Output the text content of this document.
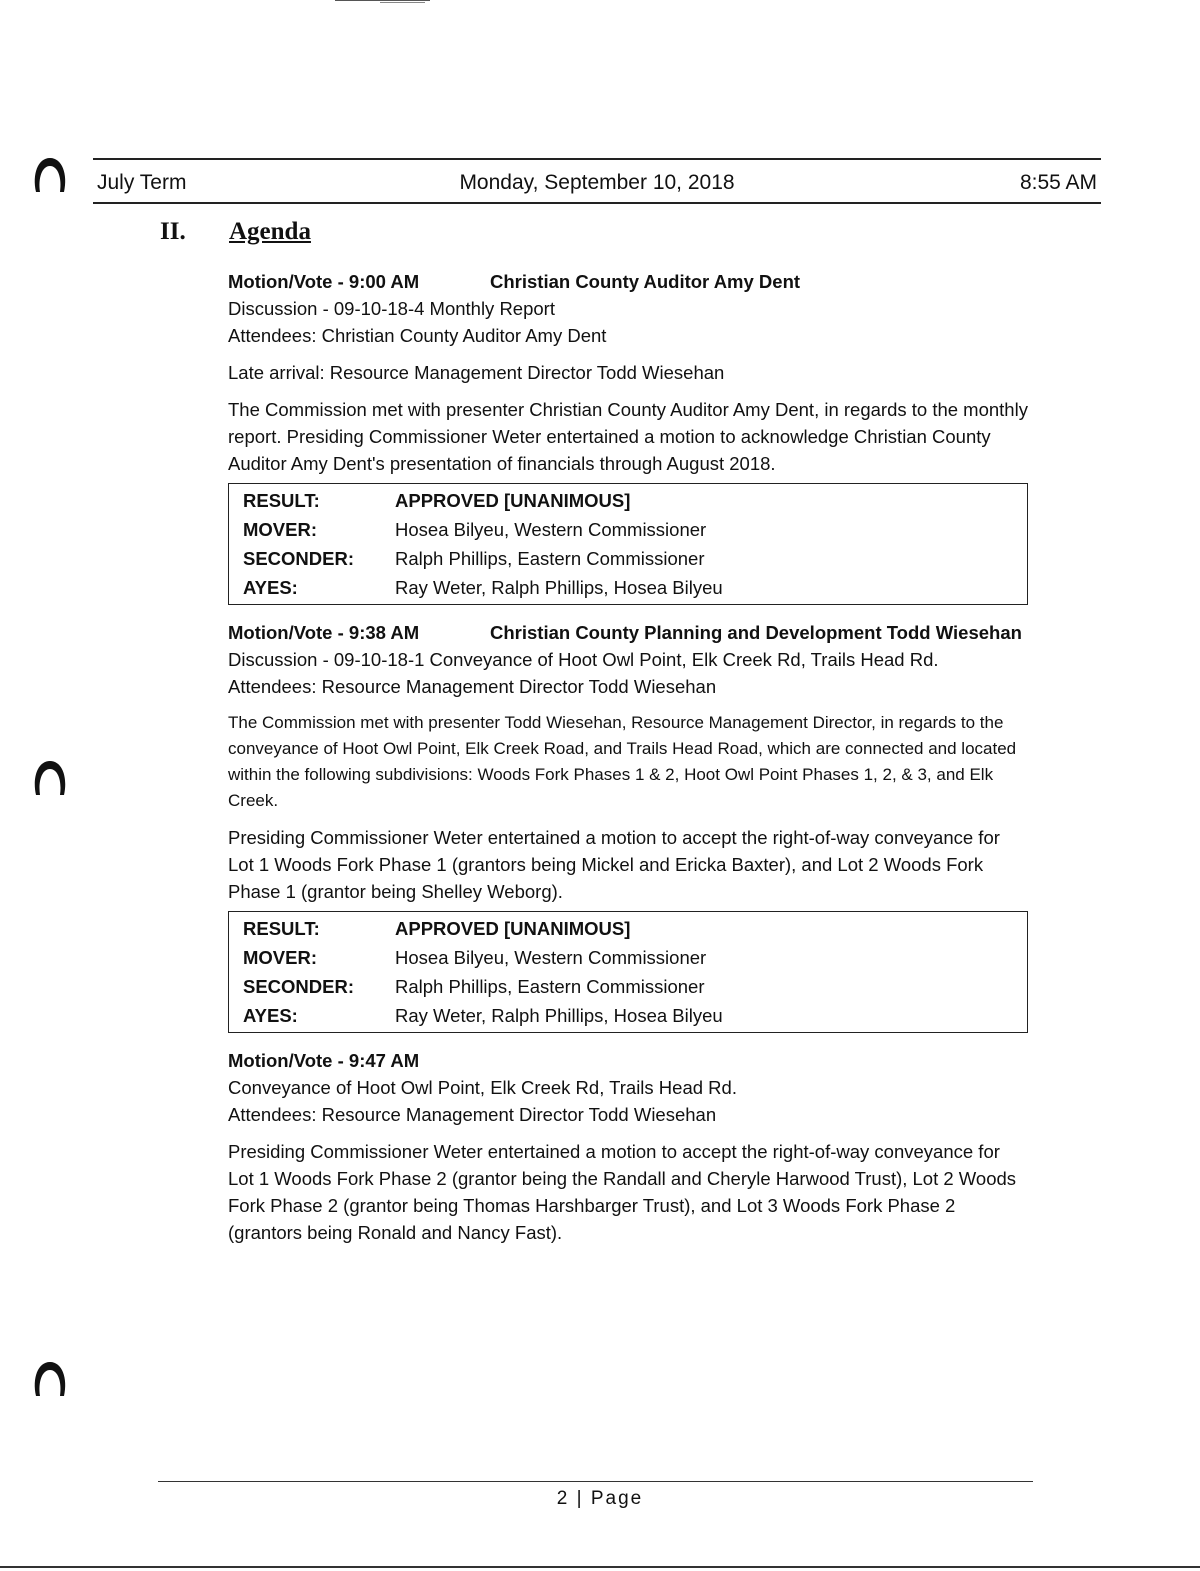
July Term	Monday, September 10, 2018	8:55 AM
II. Agenda

Motion/Vote - 9:00 AM	Christian County Auditor Amy Dent

Discussion - 09-10-18-4 Monthly Report

Attendees: Christian County Auditor Amy Dent

Late arrival: Resource Management Director Todd Wiesehan

The Commission met with presenter Christian County Auditor Amy Dent, in regards to the monthly report. Presiding Commissioner Weter entertained a motion to acknowledge Christian County Auditor Amy Dent's presentation of financials through August 2018.

RESULT:	APPROVED [UNANIMOUS]
MOVER:	Hosea Bilyeu, Western Commissioner
SECONDER:	Ralph Phillips, Eastern Commissioner
AYES:	Ray Weter, Ralph Phillips, Hosea Bilyeu

Motion/Vote - 9:38 AM	Christian County Planning and Development Todd Wiesehan

Discussion - 09-10-18-1 Conveyance of Hoot Owl Point, Elk Creek Rd, Trails Head Rd.

Attendees: Resource Management Director Todd Wiesehan

The Commission met with presenter Todd Wiesehan, Resource Management Director, in regards to the conveyance of Hoot Owl Point, Elk Creek Road, and Trails Head Road, which are connected and located within the following subdivisions: Woods Fork Phases 1 & 2, Hoot Owl Point Phases 1, 2, & 3, and Elk Creek.

Presiding Commissioner Weter entertained a motion to accept the right-of-way conveyance for Lot 1 Woods Fork Phase 1 (grantors being Mickel and Ericka Baxter), and Lot 2 Woods Fork Phase 1 (grantor being Shelley Weborg).

RESULT:	APPROVED [UNANIMOUS]
MOVER:	Hosea Bilyeu, Western Commissioner
SECONDER:	Ralph Phillips, Eastern Commissioner
AYES:	Ray Weter, Ralph Phillips, Hosea Bilyeu

Motion/Vote - 9:47 AM

Conveyance of Hoot Owl Point, Elk Creek Rd, Trails Head Rd.

Attendees: Resource Management Director Todd Wiesehan

Presiding Commissioner Weter entertained a motion to accept the right-of-way conveyance for Lot 1 Woods Fork Phase 2 (grantor being the Randall and Cheryle Harwood Trust), Lot 2 Woods Fork Phase 2 (grantor being Thomas Harshbarger Trust), and Lot 3 Woods Fork Phase 2 (grantors being Ronald and Nancy Fast).

2 | Page
